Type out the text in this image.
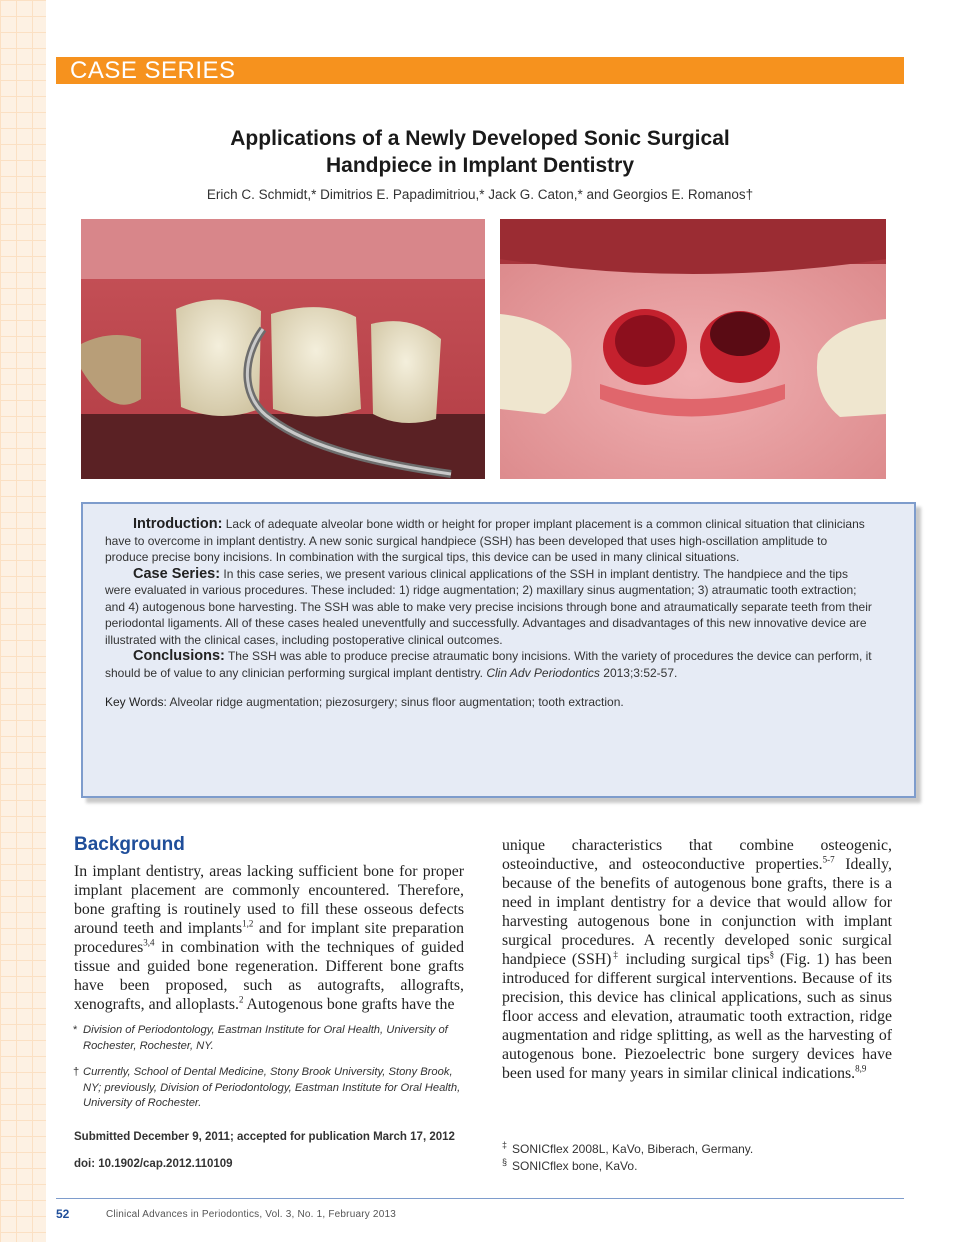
CASE SERIES
Applications of a Newly Developed Sonic Surgical
Handpiece in Implant Dentistry
Erich C. Schmidt,* Dimitrios E. Papadimitriou,* Jack G. Caton,* and Georgios E. Romanos†

Introduction: Lack of adequate alveolar bone width or height for proper implant placement is a common clinical situation that clinicians have to overcome in implant dentistry. A new sonic surgical handpiece (SSH) has been developed that uses high-oscillation amplitude to produce precise bony incisions. In combination with the surgical tips, this device can be used in many clinical situations.

Case Series: In this case series, we present various clinical applications of the SSH in implant dentistry. The handpiece and the tips were evaluated in various procedures. These included: 1) ridge augmentation; 2) maxillary sinus augmentation; 3) atraumatic tooth extraction; and 4) autogenous bone harvesting. The SSH was able to make very precise incisions through bone and atraumatically separate teeth from their periodontal ligaments. All of these cases healed uneventfully and successfully. Advantages and disadvantages of this new innovative device are illustrated with the clinical cases, including postoperative clinical outcomes.

Conclusions: The SSH was able to produce precise atraumatic bony incisions. With the variety of procedures the device can perform, it should be of value to any clinician performing surgical implant dentistry. Clin Adv Periodontics 2013;3:52-57.

Key Words: Alveolar ridge augmentation; piezosurgery; sinus floor augmentation; tooth extraction.

Background
In implant dentistry, areas lacking sufficient bone for proper implant placement are commonly encountered. Therefore, bone grafting is routinely used to fill these osseous defects around teeth and implants$^{1,2}$ and for implant site preparation procedures$^{3,4}$ in combination with the techniques of guided tissue and guided bone regeneration. Different bone grafts have been proposed, such as autografts, allografts, xenografts, and alloplasts.$^2$ Autogenous bone grafts have the
unique characteristics that combine osteogenic, osteoinductive, and osteoconductive properties.$^{5-7}$ Ideally, because of the benefits of autogenous bone grafts, there is a need in implant dentistry for a device that would allow for harvesting autogenous bone in conjunction with implant surgical procedures. A recently developed sonic surgical handpiece (SSH)‡ including surgical tips§ (Fig. 1) has been introduced for different surgical interventions. Because of its precision, this device has clinical applications, such as sinus floor access and elevation, atraumatic tooth extraction, ridge augmentation and ridge splitting, as well as the harvesting of autogenous bone. Piezoelectric bone surgery devices have been used for many years in similar clinical indications.$^{8,9}$
* Division of Periodontology, Eastman Institute for Oral Health, University of Rochester, Rochester, NY.
† Currently, School of Dental Medicine, Stony Brook University, Stony Brook, NY; previously, Division of Periodontology, Eastman Institute for Oral Health, University of Rochester.
Submitted December 9, 2011; accepted for publication March 17, 2012
doi: 10.1902/cap.2012.110109
‡ SONICflex 2008L, KaVo, Biberach, Germany.
§ SONICflex bone, KaVo.
52	Clinical Advances in Periodontics, Vol. 3, No. 1, February 2013
